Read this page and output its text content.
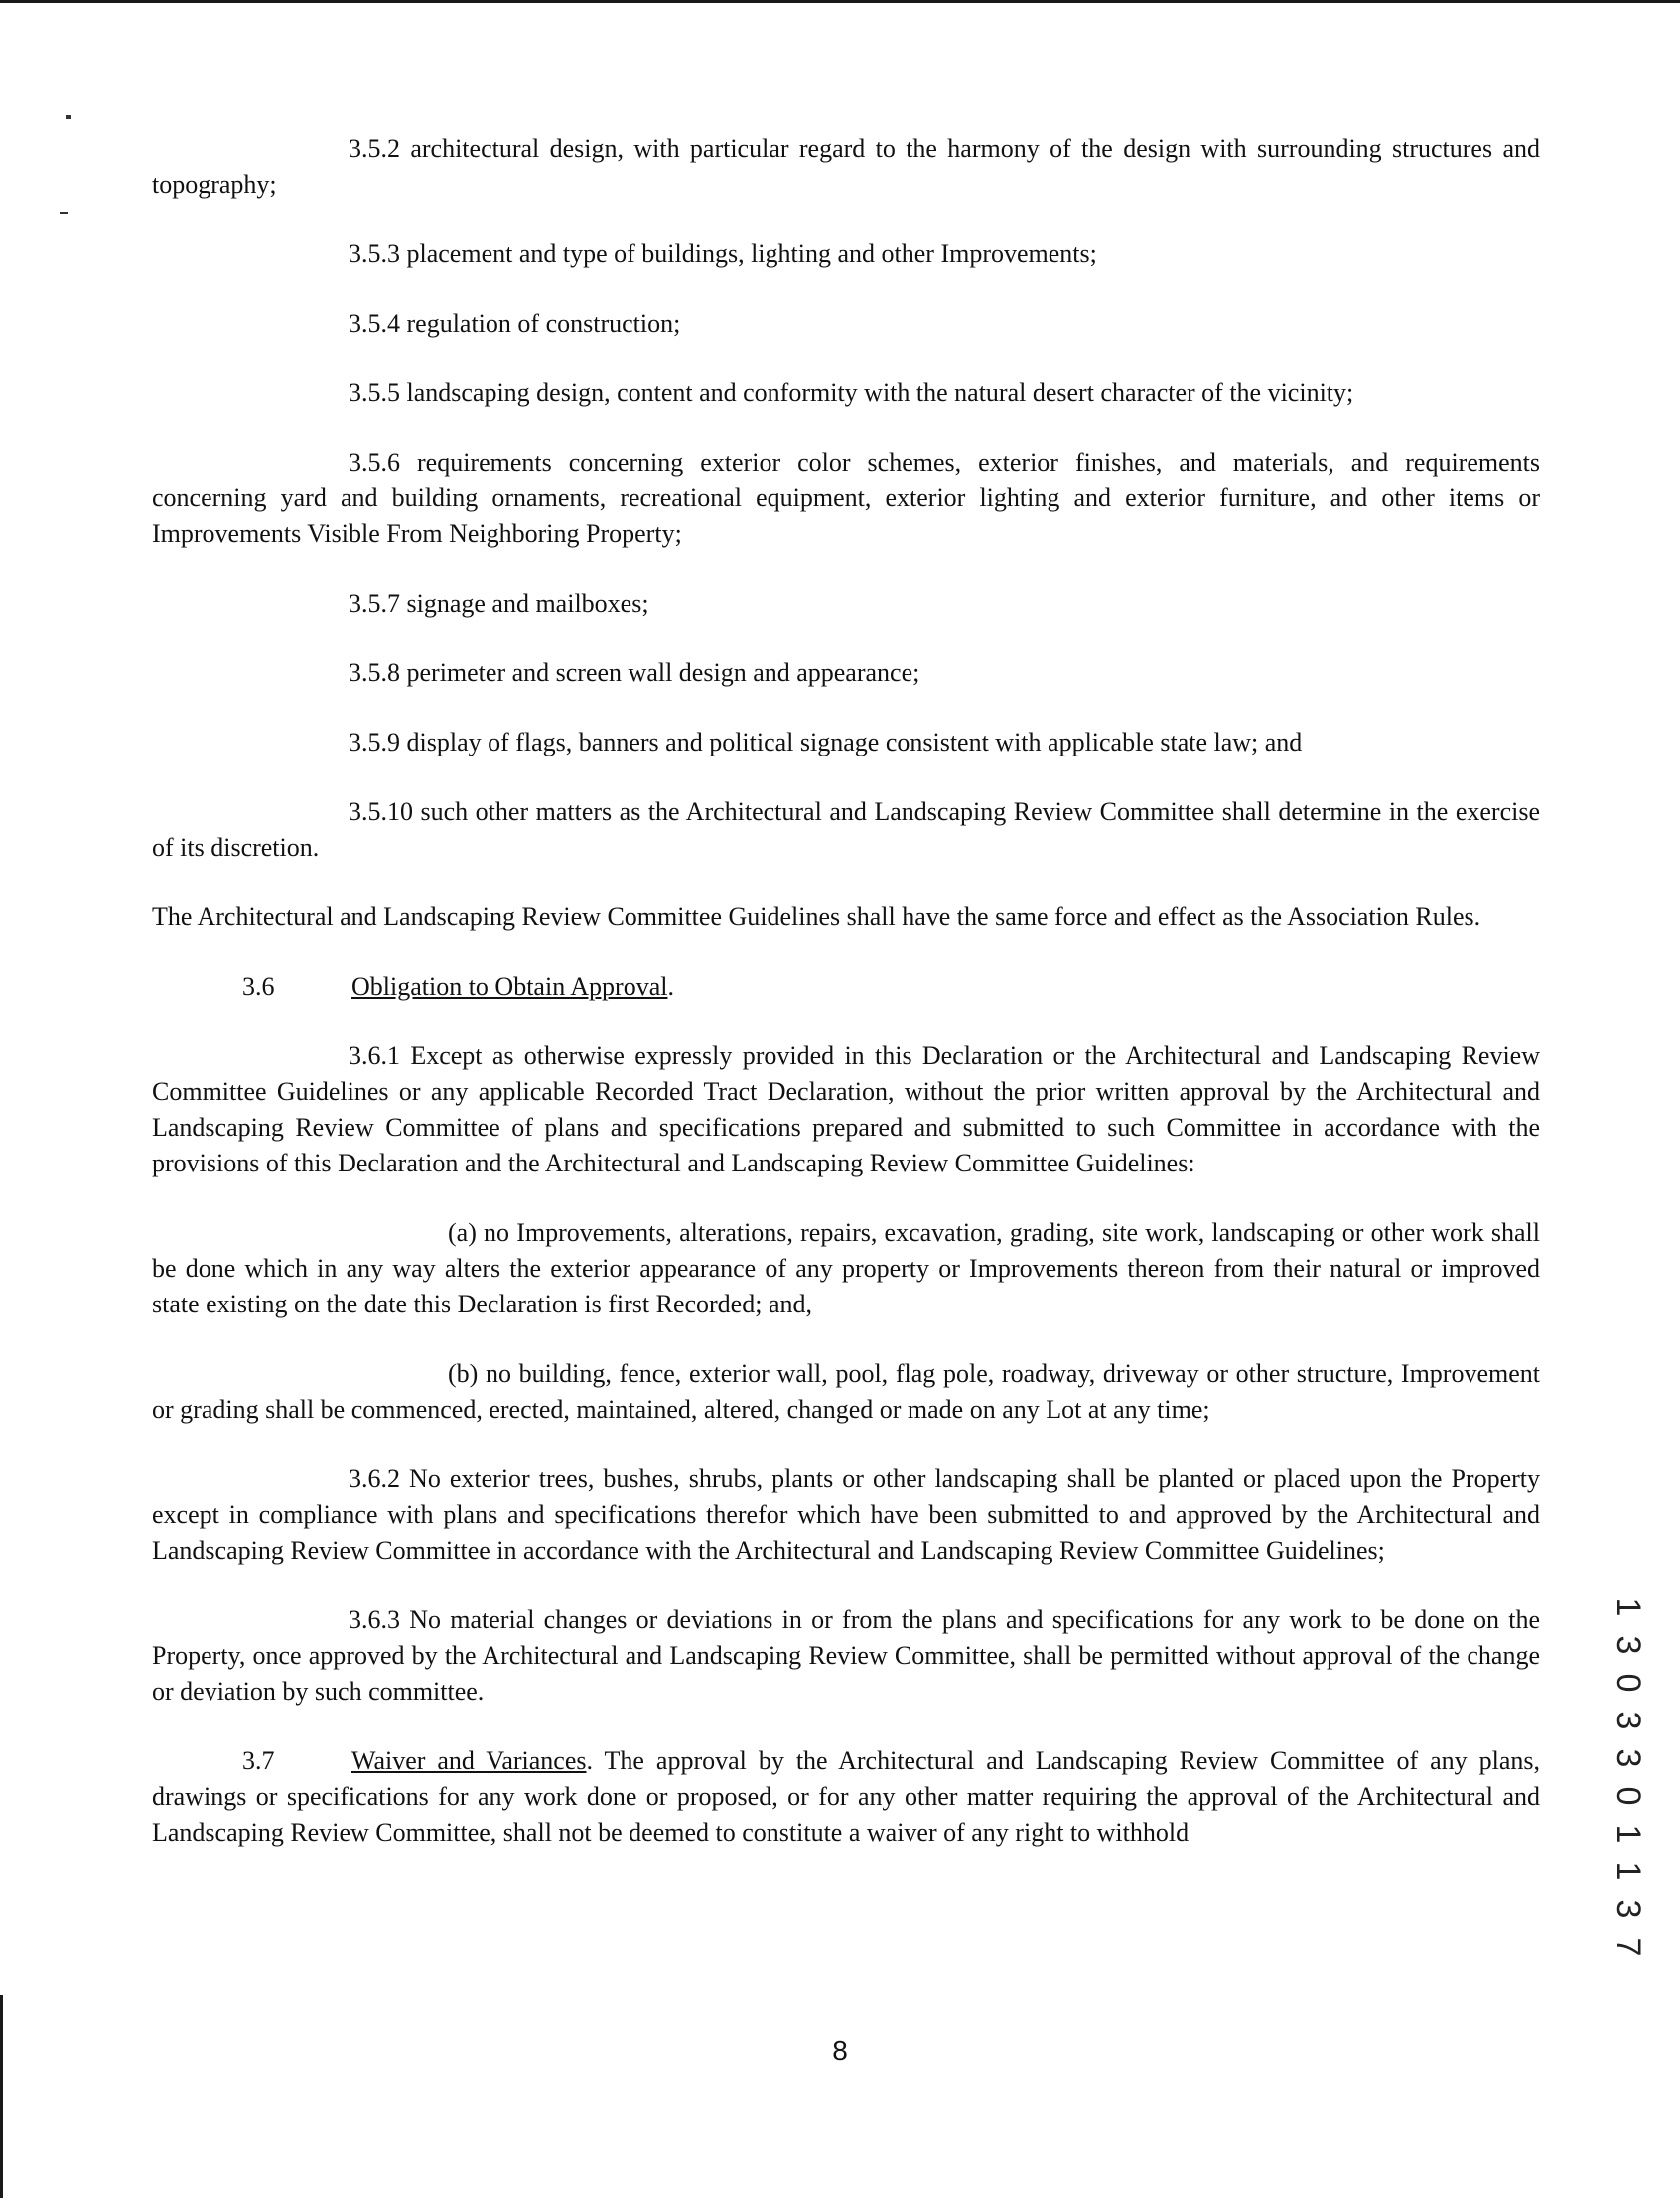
3.5.2 architectural design, with particular regard to the harmony of the design with surrounding structures and topography;

3.5.3 placement and type of buildings, lighting and other Improvements;

3.5.4 regulation of construction;

3.5.5 landscaping design, content and conformity with the natural desert character of the vicinity;

3.5.6 requirements concerning exterior color schemes, exterior finishes, and materials, and requirements concerning yard and building ornaments, recreational equipment, exterior lighting and exterior furniture, and other items or Improvements Visible From Neighboring Property;

3.5.7 signage and mailboxes;

3.5.8 perimeter and screen wall design and appearance;

3.5.9 display of flags, banners and political signage consistent with applicable state law; and

3.5.10 such other matters as the Architectural and Landscaping Review Committee shall determine in the exercise of its discretion.

The Architectural and Landscaping Review Committee Guidelines shall have the same force and effect as the Association Rules.

3.6	Obligation to Obtain Approval.

3.6.1 Except as otherwise expressly provided in this Declaration or the Architectural and Landscaping Review Committee Guidelines or any applicable Recorded Tract Declaration, without the prior written approval by the Architectural and Landscaping Review Committee of plans and specifications prepared and submitted to such Committee in accordance with the provisions of this Declaration and the Architectural and Landscaping Review Committee Guidelines:

(a) no Improvements, alterations, repairs, excavation, grading, site work, landscaping or other work shall be done which in any way alters the exterior appearance of any property or Improvements thereon from their natural or improved state existing on the date this Declaration is first Recorded; and,

(b) no building, fence, exterior wall, pool, flag pole, roadway, driveway or other structure, Improvement or grading shall be commenced, erected, maintained, altered, changed or made on any Lot at any time;

3.6.2 No exterior trees, bushes, shrubs, plants or other landscaping shall be planted or placed upon the Property except in compliance with plans and specifications therefor which have been submitted to and approved by the Architectural and Landscaping Review Committee in accordance with the Architectural and Landscaping Review Committee Guidelines;

3.6.3 No material changes or deviations in or from the plans and specifications for any work to be done on the Property, once approved by the Architectural and Landscaping Review Committee, shall be permitted without approval of the change or deviation by such committee.

3.7	Waiver and Variances. The approval by the Architectural and Landscaping Review Committee of any plans, drawings or specifications for any work done or proposed, or for any other matter requiring the approval of the Architectural and Landscaping Review Committee, shall not be deemed to constitute a waiver of any right to withhold

8
1
3
0
3
3
0
1
1
3
7
